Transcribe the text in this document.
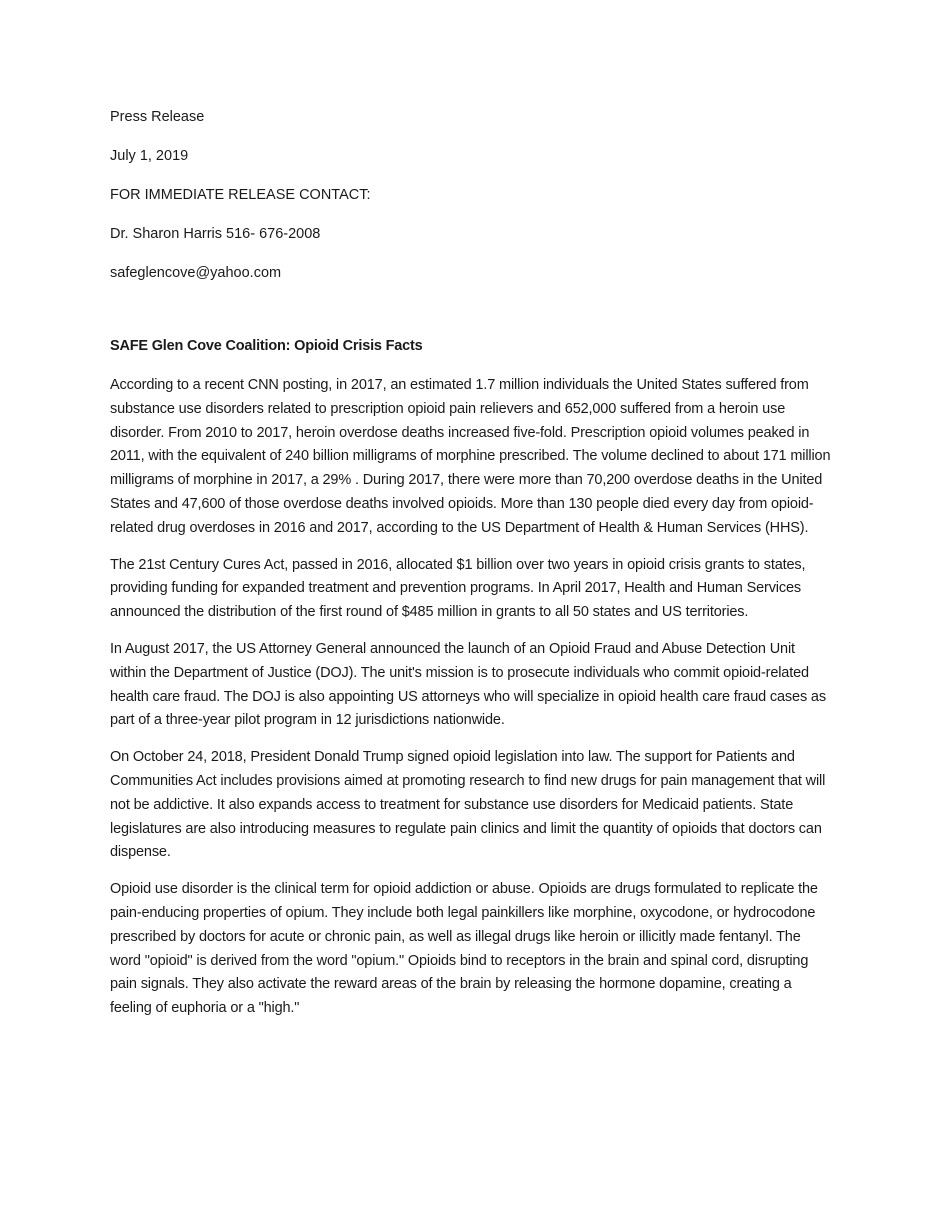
Press Release
July 1, 2019
FOR IMMEDIATE RELEASE CONTACT:
Dr. Sharon Harris 516- 676-2008
safeglencove@yahoo.com
SAFE Glen Cove Coalition: Opioid Crisis Facts

According to a recent CNN posting, in 2017, an estimated 1.7 million individuals the United States suffered from substance use disorders related to prescription opioid pain relievers and 652,000 suffered from a heroin use disorder. From 2010 to 2017, heroin overdose deaths increased five-fold. Prescription opioid volumes peaked in 2011, with the equivalent of 240 billion milligrams of morphine prescribed. The volume declined to about 171 million milligrams of morphine in 2017, a 29% . During 2017, there were more than 70,200 overdose deaths in the United States and 47,600 of those overdose deaths involved opioids. More than 130 people died every day from opioid-related drug overdoses in 2016 and 2017, according to the US Department of Health & Human Services (HHS).

The 21st Century Cures Act, passed in 2016, allocated $1 billion over two years in opioid crisis grants to states, providing funding for expanded treatment and prevention programs. In April 2017, Health and Human Services announced the distribution of the first round of $485 million in grants to all 50 states and US territories.

In August 2017, the US Attorney General announced the launch of an Opioid Fraud and Abuse Detection Unit within the Department of Justice (DOJ). The unit's mission is to prosecute individuals who commit opioid-related health care fraud. The DOJ is also appointing US attorneys who will specialize in opioid health care fraud cases as part of a three-year pilot program in 12 jurisdictions nationwide.

On October 24, 2018, President Donald Trump signed opioid legislation into law. The support for Patients and Communities Act includes provisions aimed at promoting research to find new drugs for pain management that will not be addictive. It also expands access to treatment for substance use disorders for Medicaid patients. State legislatures are also introducing measures to regulate pain clinics and limit the quantity of opioids that doctors can dispense.

Opioid use disorder is the clinical term for opioid addiction or abuse. Opioids are drugs formulated to replicate the pain-enducing properties of opium. They include both legal painkillers like morphine, oxycodone, or hydrocodone prescribed by doctors for acute or chronic pain, as well as illegal drugs like heroin or illicitly made fentanyl. The word "opioid" is derived from the word "opium." Opioids bind to receptors in the brain and spinal cord, disrupting pain signals. They also activate the reward areas of the brain by releasing the hormone dopamine, creating a feeling of euphoria or a "high."
